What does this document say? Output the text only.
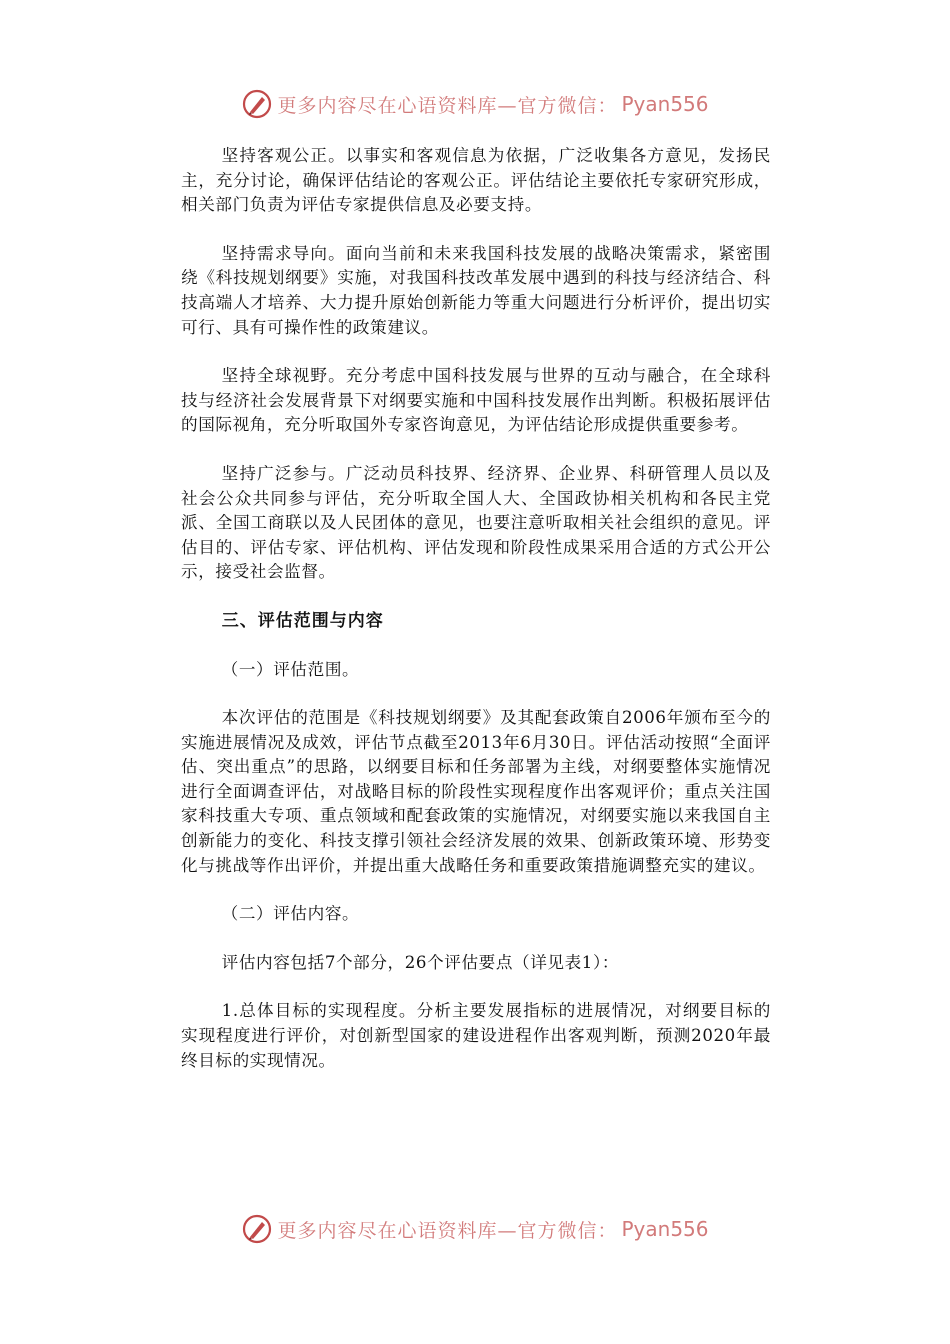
更多内容尽在心语资料库—官方微信： Pyan556

坚持客观公正。以事实和客观信息为依据，广泛收集各方意见，发扬民主，充分讨论，确保评估结论的客观公正。评估结论主要依托专家研究形成，相关部门负责为评估专家提供信息及必要支持。

坚持需求导向。面向当前和未来我国科技发展的战略决策需求，紧密围绕《科技规划纲要》实施，对我国科技改革发展中遇到的科技与经济结合、科技高端人才培养、大力提升原始创新能力等重大问题进行分析评价，提出切实可行、具有可操作性的政策建议。

坚持全球视野。充分考虑中国科技发展与世界的互动与融合，在全球科技与经济社会发展背景下对纲要实施和中国科技发展作出判断。积极拓展评估的国际视角，充分听取国外专家咨询意见，为评估结论形成提供重要参考。

坚持广泛参与。广泛动员科技界、经济界、企业界、科研管理人员以及社会公众共同参与评估，充分听取全国人大、全国政协相关机构和各民主党派、全国工商联以及人民团体的意见，也要注意听取相关社会组织的意见。评估目的、评估专家、评估机构、评估发现和阶段性成果采用合适的方式公开公示，接受社会监督。

三、评估范围与内容

（一）评估范围。

本次评估的范围是《科技规划纲要》及其配套政策自2006年颁布至今的实施进展情况及成效，评估节点截至2013年6月30日。评估活动按照“全面评估、突出重点”的思路，以纲要目标和任务部署为主线，对纲要整体实施情况进行全面调查评估，对战略目标的阶段性实现程度作出客观评价；重点关注国家科技重大专项、重点领域和配套政策的实施情况，对纲要实施以来我国自主创新能力的变化、科技支撑引领社会经济发展的效果、创新政策环境、形势变化与挑战等作出评价，并提出重大战略任务和重要政策措施调整充实的建议。

（二）评估内容。

评估内容包括7个部分，26个评估要点（详见表1）：

1.总体目标的实现程度。分析主要发展指标的进展情况，对纲要目标的实现程度进行评价，对创新型国家的建设进程作出客观判断，预测2020年最终目标的实现情况。

更多内容尽在心语资料库—官方微信： Pyan556
